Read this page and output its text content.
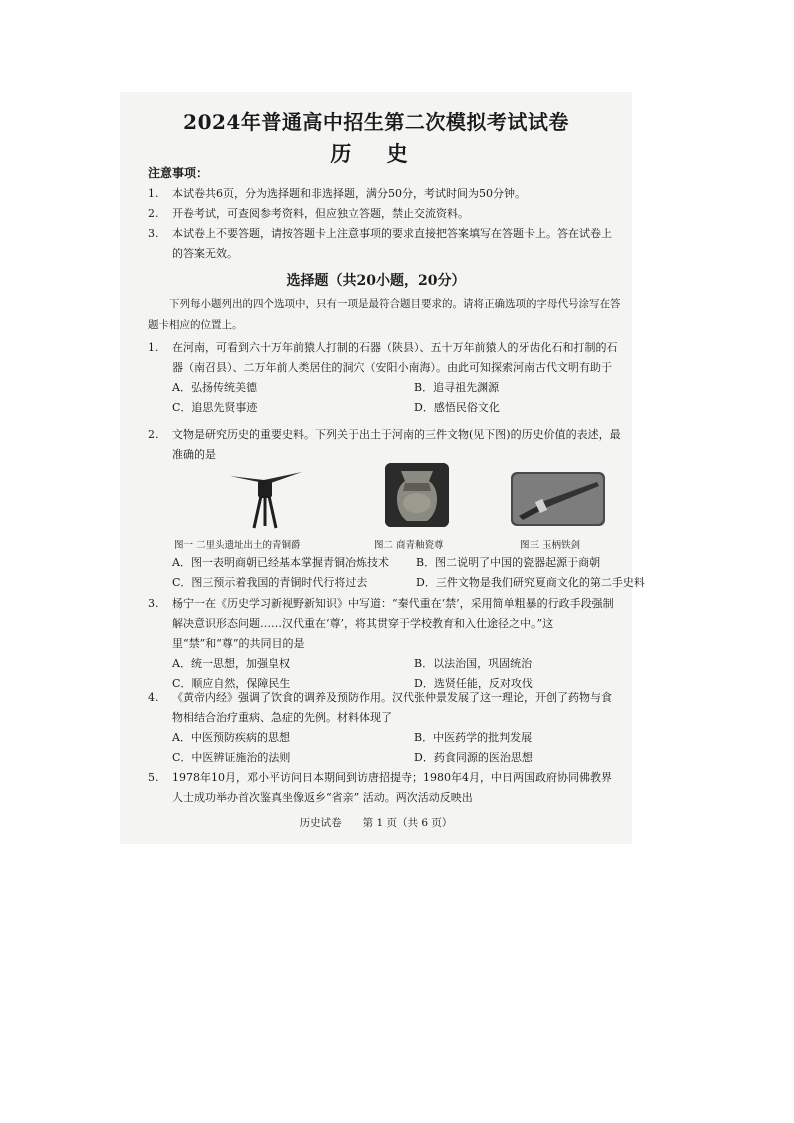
2024年普通高中招生第二次模拟考试试卷
历 史
注意事项：
1.	本试卷共6页，分为选择题和非选择题，满分50分，考试时间为50分钟。
2.	开卷考试，可查阅参考资料，但应独立答题，禁止交流资料。
3.	本试卷上不要答题，请按答题卡上注意事项的要求直接把答案填写在答题卡上。答在试卷上的答案无效。
选择题（共20小题，20分）
下列每小题列出的四个选项中，只有一项是最符合题目要求的。请将正确选项的字母代号涂写在答题卡相应的位置上。
1.	在河南，可看到六十万年前猿人打制的石器（陕县）、五十万年前猿人的牙齿化石和打制的石器（南召县）、二万年前人类居住的洞穴（安阳小南海）。由此可知探索河南古代文明有助于
A．弘扬传统美德	B．追寻祖先渊源
C．追思先贤事迹	D．感悟民俗文化
2.	文物是研究历史的重要史料。下列关于出土于河南的三件文物(见下图)的历史价值的表述，最准确的是
图一 二里头遗址出土的青铜爵	图二 商青釉瓷尊	图三 玉柄铁剑
A．图一表明商朝已经基本掌握青铜冶炼技术	B．图二说明了中国的瓷器起源于商朝
C．图三预示着我国的青铜时代行将过去	D．三件文物是我们研究夏商文化的第二手史料
3.	杨宁一在《历史学习新视野新知识》中写道：“秦代重在‘禁’，采用简单粗暴的行政手段强制解决意识形态问题……汉代重在‘尊’，将其贯穿于学校教育和入仕途径之中。”这里“禁”和“尊”的共同目的是
A．统一思想，加强皇权	B．以法治国，巩固统治
C．顺应自然，保障民生	D．选贤任能，反对攻伐
4.	《黄帝内经》强调了饮食的调养及预防作用。汉代张仲景发展了这一理论，开创了药物与食物相结合治疗重病、急症的先例。材料体现了
A．中医预防疾病的思想	B．中医药学的批判发展
C．中医辨证施治的法则	D．药食同源的医治思想
5.	1978年10月，邓小平访问日本期间到访唐招提寺；1980年4月，中日两国政府协同佛教界人士成功举办首次鉴真坐像返乡“省亲” 活动。两次活动反映出
历史试卷　　第 1 页（共 6 页）
